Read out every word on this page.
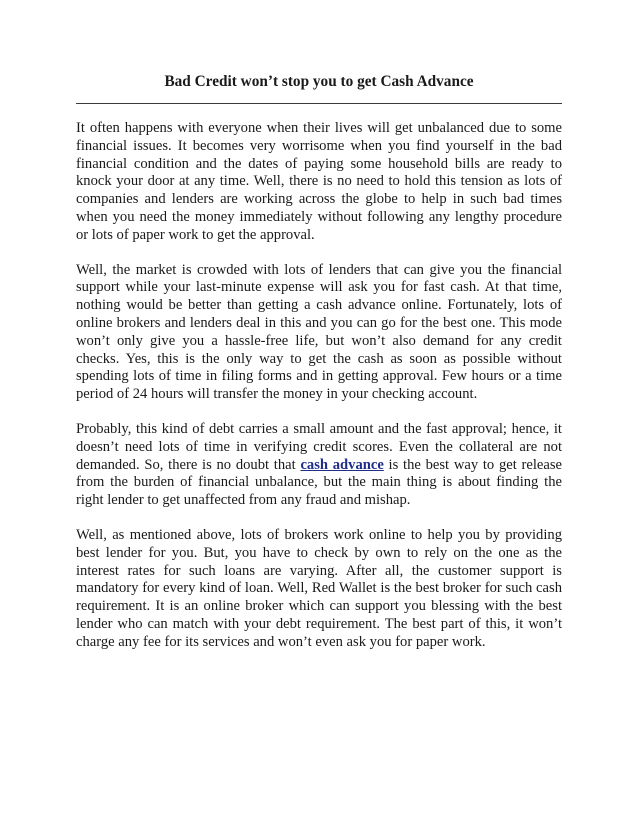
Bad Credit won’t stop you to get Cash Advance

It often happens with everyone when their lives will get unbalanced due to some financial issues. It becomes very worrisome when you find yourself in the bad financial condition and the dates of paying some household bills are ready to knock your door at any time. Well, there is no need to hold this tension as lots of companies and lenders are working across the globe to help in such bad times when you need the money immediately without following any lengthy procedure or lots of paper work to get the approval.

Well, the market is crowded with lots of lenders that can give you the financial support while your last-minute expense will ask you for fast cash. At that time, nothing would be better than getting a cash advance online. Fortunately, lots of online brokers and lenders deal in this and you can go for the best one. This mode won’t only give you a hassle-free life, but won’t also demand for any credit checks. Yes, this is the only way to get the cash as soon as possible without spending lots of time in filing forms and in getting approval. Few hours or a time period of 24 hours will transfer the money in your checking account.

Probably, this kind of debt carries a small amount and the fast approval; hence, it doesn’t need lots of time in verifying credit scores. Even the collateral are not demanded. So, there is no doubt that cash advance is the best way to get release from the burden of financial unbalance, but the main thing is about finding the right lender to get unaffected from any fraud and mishap.

Well, as mentioned above, lots of brokers work online to help you by providing best lender for you. But, you have to check by own to rely on the one as the interest rates for such loans are varying. After all, the customer support is mandatory for every kind of loan. Well, Red Wallet is the best broker for such cash requirement. It is an online broker which can support you blessing with the best lender who can match with your debt requirement. The best part of this, it won’t charge any fee for its services and won’t even ask you for paper work.
